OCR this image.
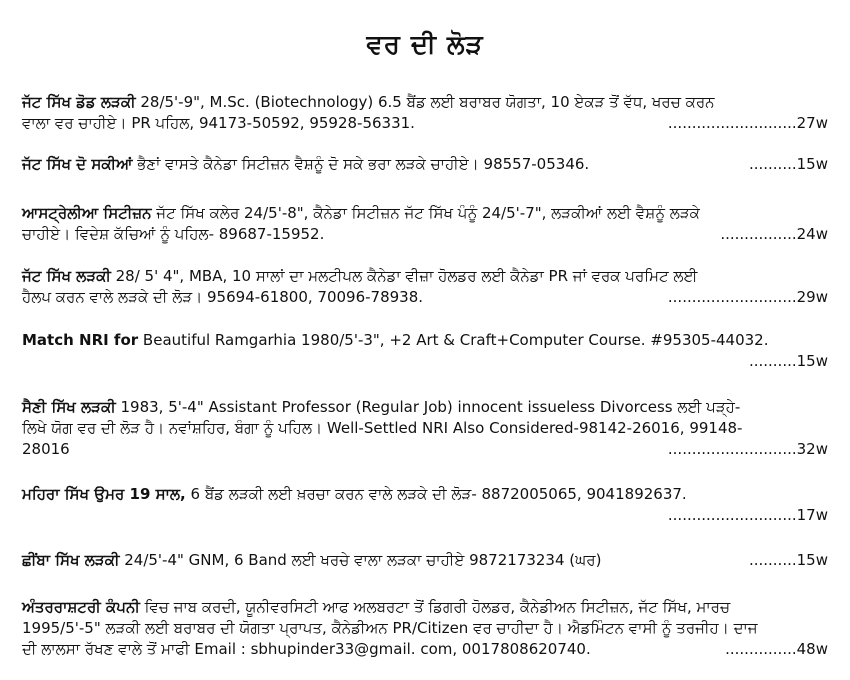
ਵਰ ਦੀ ਲੋੜ

ਜੱਟ ਸਿੱਖ ਡੋਡ ਲੜਕੀ 28/5'-9", M.Sc. (Biotechnology) 6.5 ਬੈਂਡ ਲਈ ਬਰਾਬਰ ਯੋਗਤਾ, 10 ਏਕੜ ਤੋਂ ਵੱਧ, ਖਰਚ ਕਰਨ

ਵਾਲਾ ਵਰ ਚਾਹੀਏ। PR ਪਹਿਲ, 94173-50592, 95928-56331.	........................... 27w
ਜੱਟ ਸਿੱਖ ਦੋ ਸਕੀਆਂ ਭੈਣਾਂ ਵਾਸਤੇ ਕੈਨੇਡਾ ਸਿਟੀਜ਼ਨ ਵੈਸ਼ਨੂੰ ਦੋ ਸਕੇ ਭਰਾ ਲੜਕੇ ਚਾਹੀਏ। 98557-05346.	.......... 15w

ਆਸਟ੍ਰੇਲੀਆ ਸਿਟੀਜ਼ਨ ਜੱਟ ਸਿੱਖ ਕਲੇਰ 24/5'-8", ਕੈਨੇਡਾ ਸਿਟੀਜ਼ਨ ਜੱਟ ਸਿੱਖ ਪੰਨੂੰ 24/5'-7", ਲੜਕੀਆਂ ਲਈ ਵੈਸ਼ਨੂੰ ਲੜਕੇ

ਚਾਹੀਏ। ਵਿਦੇਸ਼ ਕੱਚਿਆਂ ਨੂੰ ਪਹਿਲ- 89687-15952.	................ 24w

ਜੱਟ ਸਿੱਖ ਲੜਕੀ 28/ 5' 4", MBA, 10 ਸਾਲਾਂ ਦਾ ਮਲਟੀਪਲ ਕੈਨੇਡਾ ਵੀਜ਼ਾ ਹੋਲਡਰ ਲਈ ਕੈਨੇਡਾ PR ਜਾਂ ਵਰਕ ਪਰਮਿਟ ਲਈ

ਹੈਲਪ ਕਰਨ ਵਾਲੇ ਲੜਕੇ ਦੀ ਲੋੜ। 95694-61800, 70096-78938.	........................... 29w

Match NRI for Beautiful Ramgarhia 1980/5'-3", +2 Art & Craft+Computer Course. #95305-44032.

..........15w

ਸੈਣੀ ਸਿੱਖ ਲੜਕੀ 1983, 5'-4" Assistant Professor (Regular Job) innocent issueless Divorcess ਲਈ ਪੜ੍ਹੇ-

ਲਿਖੇ ਯੋਗ ਵਰ ਦੀ ਲੋੜ ਹੈ। ਨਵਾਂਸ਼ਹਿਰ, ਬੰਗਾ ਨੂੰ ਪਹਿਲ। Well-Settled NRI Also Considered-98142-26016, 99148-

28016	........................... 32w

ਮਹਿਰਾ ਸਿੱਖ ਉਮਰ 19 ਸਾਲ, 6 ਬੈਂਡ ਲੜਕੀ ਲਈ ਖ਼ਰਚਾ ਕਰਨ ਵਾਲੇ ਲੜਕੇ ਦੀ ਲੋੜ- 8872005065, 9041892637.

...........................17w
ਛੀਂਬਾ ਸਿੱਖ ਲੜਕੀ 24/5'-4" GNM, 6 Band ਲਈ ਖਰਚੇ ਵਾਲਾ ਲੜਕਾ ਚਾਹੀਏ 9872173234 (ਘਰ)	.......... 15w

ਅੰਤਰਰਾਸ਼ਟਰੀ ਕੰਪਨੀ ਵਿਚ ਜਾਬ ਕਰਦੀ, ਯੂਨੀਵਰਸਿਟੀ ਆਫ ਅਲਬਰਟਾ ਤੋਂ ਡਿਗਰੀ ਹੋਲਡਰ, ਕੈਨੇਡੀਅਨ ਸਿਟੀਜ਼ਨ, ਜੱਟ ਸਿੱਖ, ਮਾਰਚ

1995/5'-5" ਲੜਕੀ ਲਈ ਬਰਾਬਰ ਦੀ ਯੋਗਤਾ ਪ੍ਰਾਪਤ, ਕੈਨੇਡੀਅਨ PR/Citizen ਵਰ ਚਾਹੀਦਾ ਹੈ। ਐਡਮਿੰਟਨ ਵਾਸੀ ਨੂੰ ਤਰਜੀਹ। ਦਾਜ

ਦੀ ਲਾਲਸਾ ਰੱਖਣ ਵਾਲੇ ਤੋਂ ਮਾਫੀ Email : sbhupinder33@gmail. com, 0017808620740.	............... 48w
